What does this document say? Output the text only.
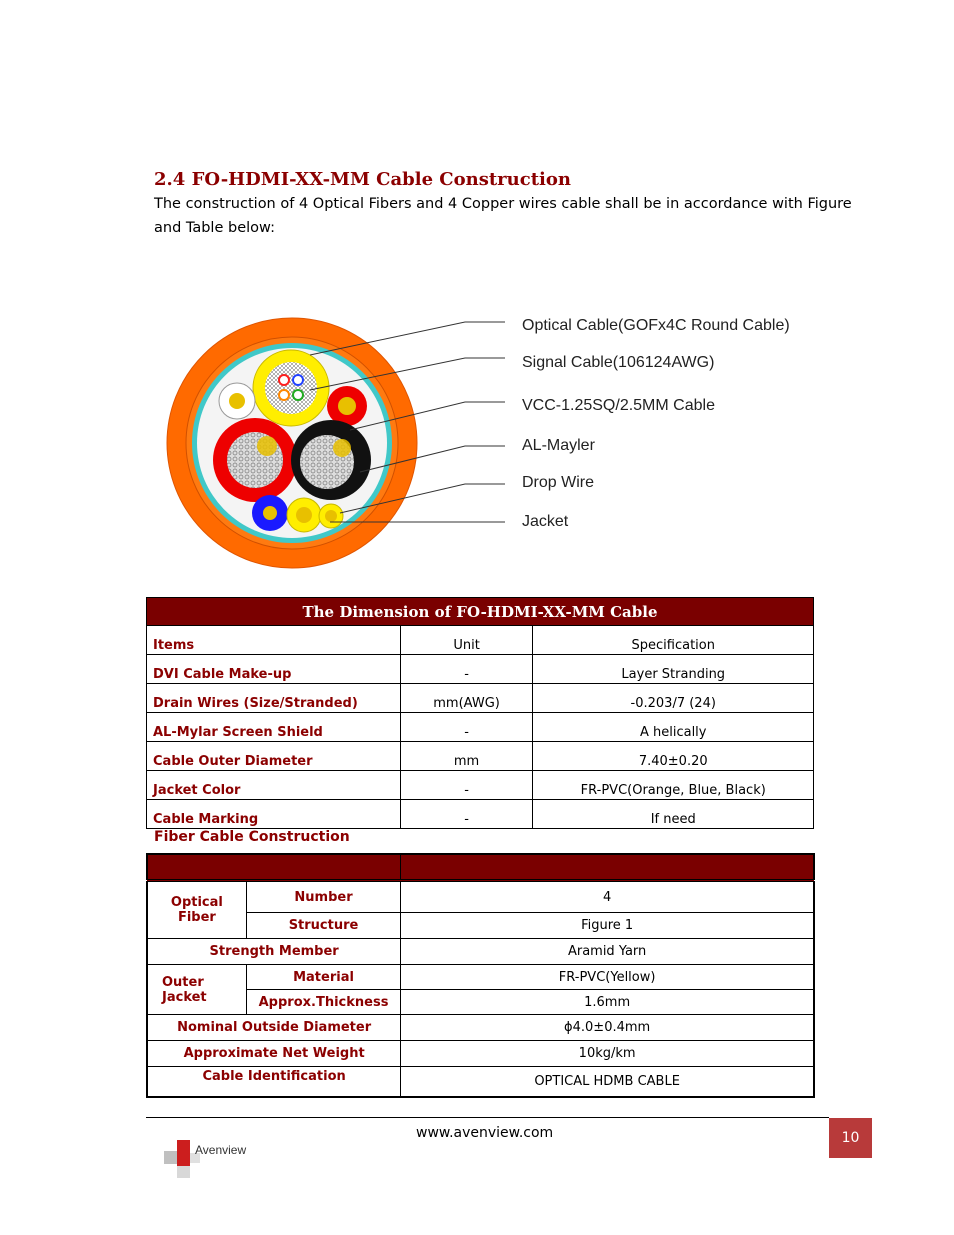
2.4 FO-HDMI-XX-MM Cable Construction
The construction of 4 Optical Fibers and 4 Copper wires cable shall be in accordance with Figure and Table below:
Optical Cable(GOFx4C Round Cable)
Signal Cable(106124AWG)
VCC-1.25SQ/2.5MM Cable
AL-Mayler
Drop Wire
Jacket
The Dimension of FO-HDMI-XX-MM Cable		
Items	Unit	Specification
DVI Cable Make-up	-	Layer Stranding
Drain Wires (Size/Stranded)	mm(AWG)	-0.203/7 (24)
AL-Mylar Screen Shield	-	A helically
Cable Outer Diameter	mm	7.40±0.20
Jacket Color	-	FR-PVC(Orange, Blue, Black)
Cable Marking	-	If need
Fiber Cable Construction

Optical
Fiber	Number	4
	Structure	Figure 1
Strength Member		Aramid Yarn

Outer
Jacket	Material	FR-PVC(Yellow)
	Approx.Thickness	1.6mm
Nominal Outside Diameter		ϕ4.0±0.4mm
Approximate Net Weight		10kg/km
Cable Identification		OPTICAL HDMB CABLE
www.avenview.com	10
Avenview
